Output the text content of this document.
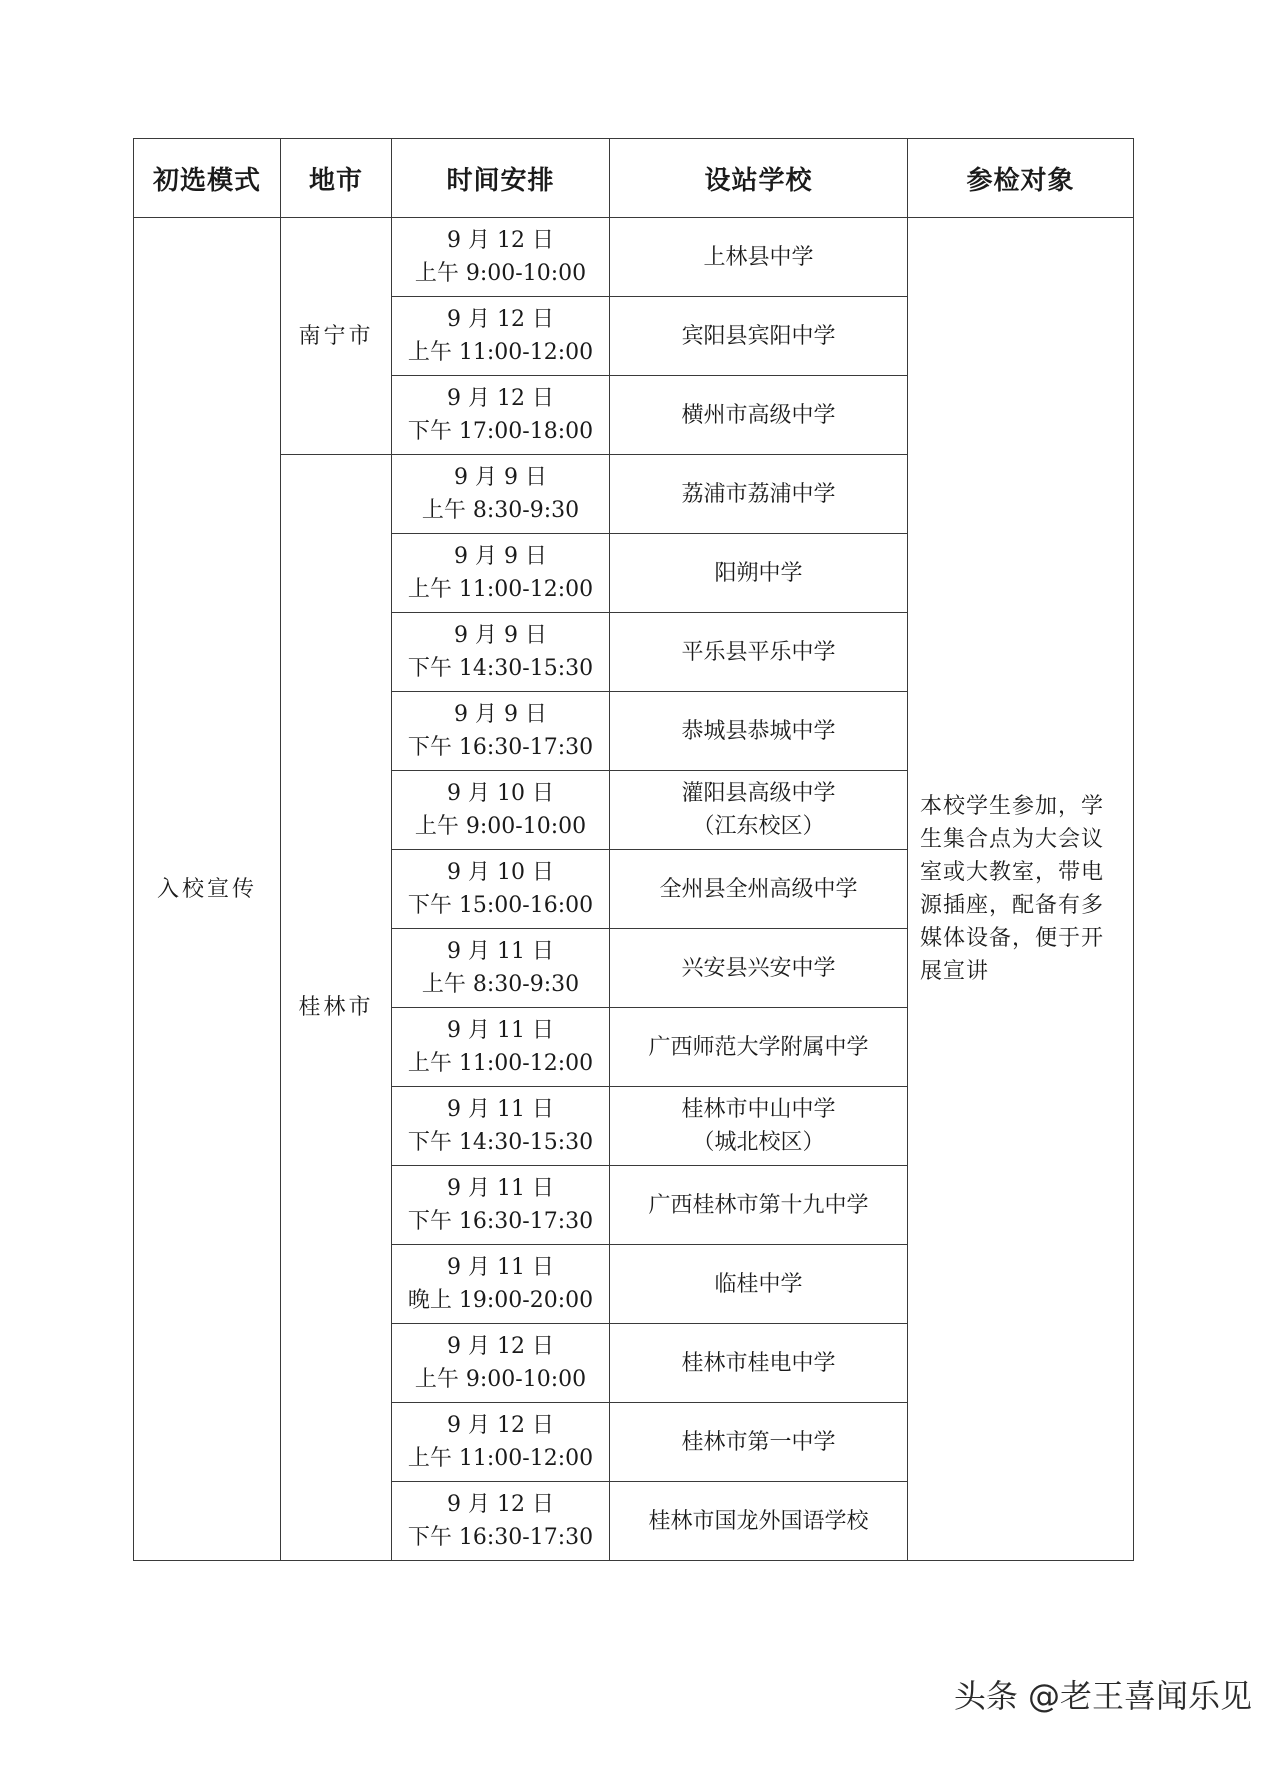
初选模式	地市	时间安排	设站学校	参检对象
入校宣传	南宁市	9 月 12 日
上午 9:00-10:00	上林县中学	本校学生参加，学生集合点为大会议室或大教室，带电源插座，配备有多媒体设备，便于开展宣讲

		9 月 12 日
上午 11:00-12:00	宾阳县宾阳中学	

		9 月 12 日
下午 17:00-18:00	横州市高级中学	

	桂林市	9 月 9 日
上午 8:30-9:30	荔浦市荔浦中学	

		9 月 9 日
上午 11:00-12:00	阳朔中学	

		9 月 9 日
下午 14:30-15:30	平乐县平乐中学	

		9 月 9 日
下午 16:30-17:30	恭城县恭城中学	

		9 月 10 日
上午 9:00-10:00	灌阳县高级中学
（江东校区）	

		9 月 10 日
下午 15:00-16:00	全州县全州高级中学	

		9 月 11 日
上午 8:30-9:30	兴安县兴安中学	

		9 月 11 日
上午 11:00-12:00	广西师范大学附属中学	

		9 月 11 日
下午 14:30-15:30	桂林市中山中学
（城北校区）	

		9 月 11 日
下午 16:30-17:30	广西桂林市第十九中学	

		9 月 11 日
晚上 19:00-20:00	临桂中学	

		9 月 12 日
上午 9:00-10:00	桂林市桂电中学	

		9 月 12 日
上午 11:00-12:00	桂林市第一中学	

		9 月 12 日
下午 16:30-17:30	桂林市国龙外国语学校	
头条 @老王喜闻乐见
